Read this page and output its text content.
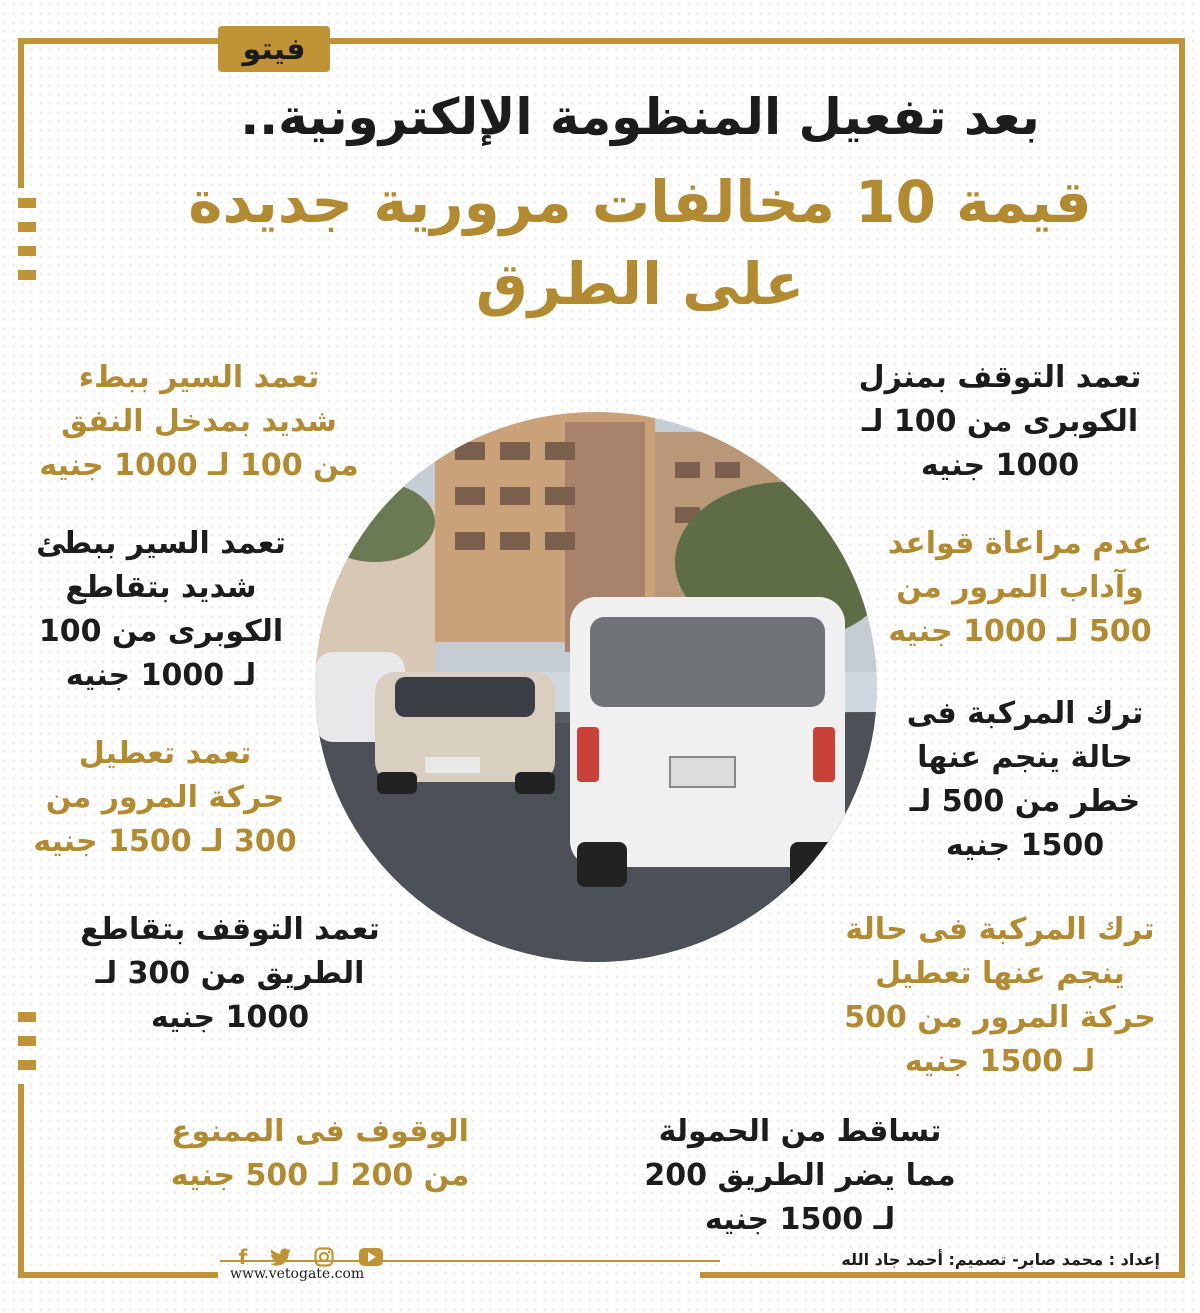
فيتو
بعد تفعيل المنظومة الإلكترونية..
قيمة 10 مخالفات مرورية جديدة
على الطرق
تعمد التوقف بمنزل
الكوبرى من 100 لـ
1000 جنيه
تعمد السير ببطء
شديد بمدخل النفق
من 100 لـ 1000 جنيه
عدم مراعاة قواعد
وآداب المرور من
500 لـ 1000 جنيه
تعمد السير ببطئ
شديد بتقاطع
الكوبرى من 100
لـ 1000 جنيه
ترك المركبة فى
حالة ينجم عنها
خطر من 500 لـ
1500 جنيه
تعمد تعطيل
حركة المرور من
300 لـ 1500 جنيه
ترك المركبة فى حالة
ينجم عنها تعطيل
حركة المرور من 500
لـ 1500 جنيه
تعمد التوقف بتقاطع
الطريق من 300 لـ
1000 جنيه
تساقط من الحمولة
مما يضر الطريق 200
لـ 1500 جنيه
الوقوف فى الممنوع
من 200 لـ 500 جنيه
f
www.vetogate.com
إعداد : محمد صابر- تصميم: أحمد جاد الله
